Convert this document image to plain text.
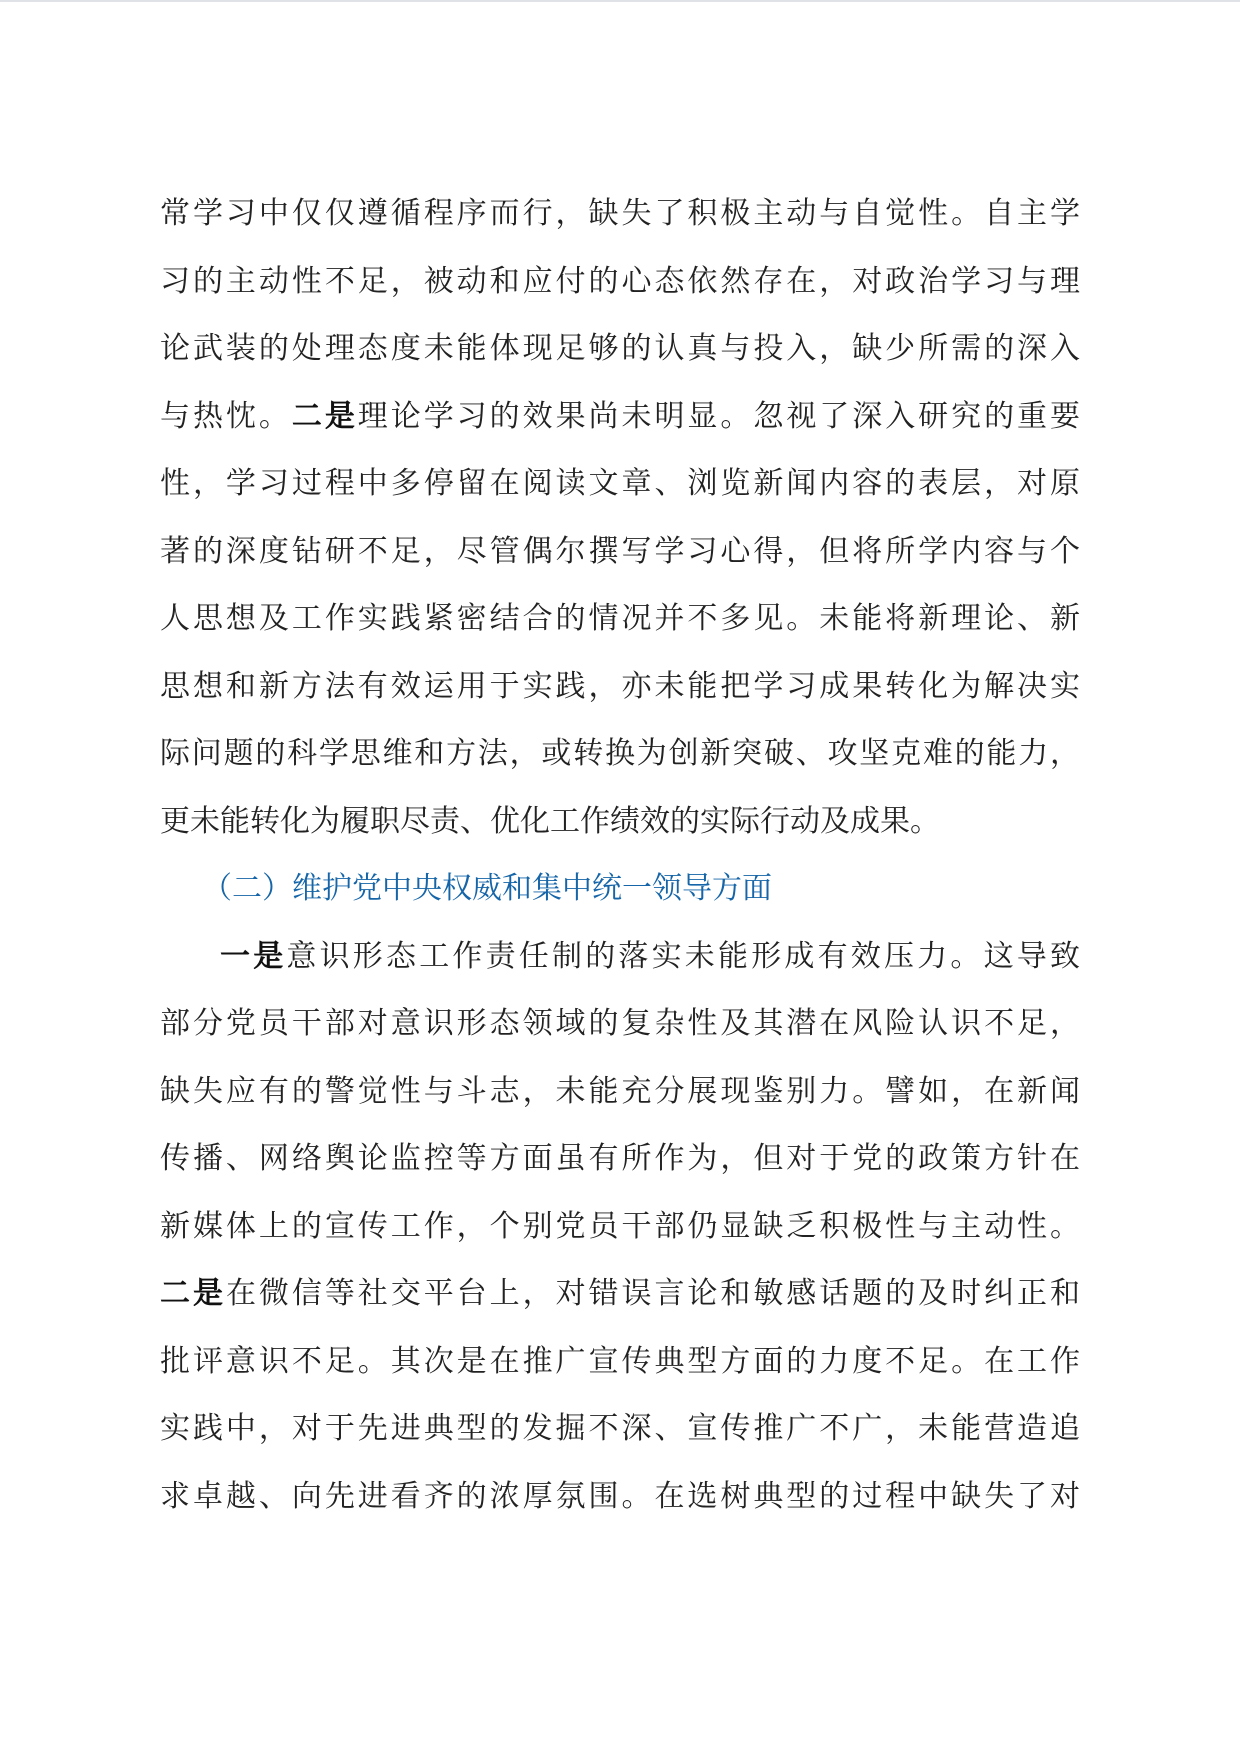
常学习中仅仅遵循程序而行，缺失了积极主动与自觉性。自主学
习的主动性不足，被动和应付的心态依然存在，对政治学习与理
论武装的处理态度未能体现足够的认真与投入，缺少所需的深入
与热忱。二是理论学习的效果尚未明显。忽视了深入研究的重要
性，学习过程中多停留在阅读文章、浏览新闻内容的表层，对原
著的深度钻研不足，尽管偶尔撰写学习心得，但将所学内容与个
人思想及工作实践紧密结合的情况并不多见。未能将新理论、新
思想和新方法有效运用于实践，亦未能把学习成果转化为解决实
际问题的科学思维和方法，或转换为创新突破、攻坚克难的能力，
更未能转化为履职尽责、优化工作绩效的实际行动及成果。
（二）维护党中央权威和集中统一领导方面
一是意识形态工作责任制的落实未能形成有效压力。这导致
部分党员干部对意识形态领域的复杂性及其潜在风险认识不足，
缺失应有的警觉性与斗志，未能充分展现鉴别力。譬如，在新闻
传播、网络舆论监控等方面虽有所作为，但对于党的政策方针在
新媒体上的宣传工作，个别党员干部仍显缺乏积极性与主动性。
二是在微信等社交平台上，对错误言论和敏感话题的及时纠正和
批评意识不足。其次是在推广宣传典型方面的力度不足。在工作
实践中，对于先进典型的发掘不深、宣传推广不广，未能营造追
求卓越、向先进看齐的浓厚氛围。在选树典型的过程中缺失了对
